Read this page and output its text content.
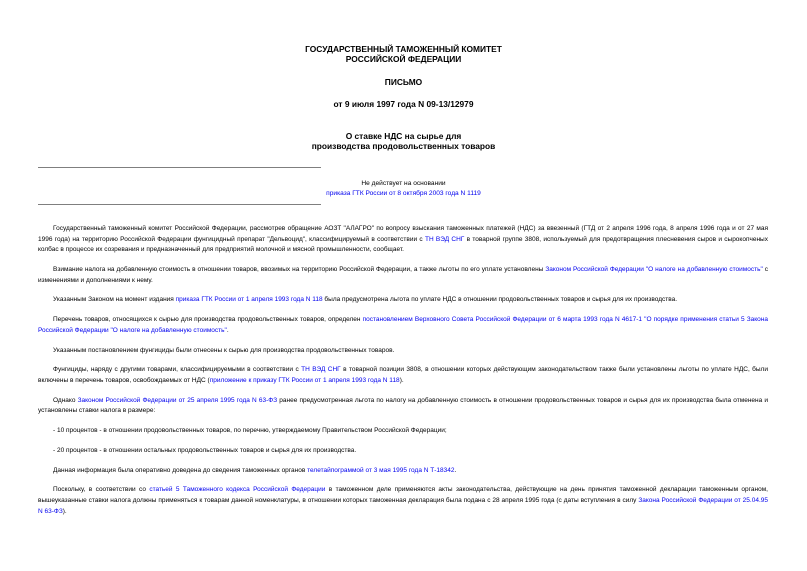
ГОСУДАРСТВЕННЫЙ ТАМОЖЕННЫЙ КОМИТЕТ
РОССИЙСКОЙ ФЕДЕРАЦИИ
ПИСЬМО
от 9 июля 1997 года N 09-13/12979
О ставке НДС на сырье для
производства продовольственных товаров
Не действует на основании
приказа ГТК России от 8 октября 2003 года N 1119

Государственный таможенный комитет Российской Федерации, рассмотрев обращение АОЗТ "АЛАГРО" по вопросу взыскания таможенных платежей (НДС) за ввезенный (ГТД от 2 апреля 1996 года, 8 апреля 1996 года и от 27 мая 1996 года) на территорию Российской Федерации фунгицидный препарат "Дельвоцид", классифицируемый в соответствии с ТН ВЭД СНГ в товарной группе 3808, используемый для предотвращения плесневения сыров и сырокопченых колбас в процессе их созревания и предназначенный для предприятий молочной и мясной промышленности, сообщает.

Взимание налога на добавленную стоимость в отношении товаров, ввозимых на территорию Российской Федерации, а также льготы по его уплате установлены Законом Российской Федерации "О налоге на добавленную стоимость" с изменениями и дополнениями к нему.

Указанным Законом на момент издания приказа ГТК России от 1 апреля 1993 года N 118 была предусмотрена льгота по уплате НДС в отношении продовольственных товаров и сырья для их производства.

Перечень товаров, относящихся к сырью для производства продовольственных товаров, определен постановлением Верховного Совета Российской Федерации от 6 марта 1993 года N 4617-1 "О порядке применения статьи 5 Закона Российской Федерации "О налоге на добавленную стоимость".

Указанным постановлением фунгициды были отнесены к сырью для производства продовольственных товаров.

Фунгициды, наряду с другими товарами, классифицируемыми в соответствии с ТН ВЭД СНГ в товарной позиции 3808, в отношении которых действующим законодательством также были установлены льготы по уплате НДС, были включены в перечень товаров, освобождаемых от НДС (приложение к приказу ГТК России от 1 апреля 1993 года N 118).

Однако Законом Российской Федерации от 25 апреля 1995 года N 63-ФЗ ранее предусмотренная льгота по налогу на добавленную стоимость в отношении продовольственных товаров и сырья для их производства была отменена и установлены ставки налога в размере:

- 10 процентов - в отношении продовольственных товаров, по перечню, утверждаемому Правительством Российской Федерации;

- 20 процентов - в отношении остальных продовольственных товаров и сырья для их производства.

Данная информация была оперативно доведена до сведения таможенных органов телетайпограммой от 3 мая 1995 года N Т-18342.

Поскольку, в соответствии со статьей 5 Таможенного кодекса Российской Федерации в таможенном деле применяются акты законодательства, действующие на день принятия таможенной декларации таможенным органом, вышеуказанные ставки налога должны применяться к товарам данной номенклатуры, в отношении которых таможенная декларация была подана с 28 апреля 1995 года (с даты вступления в силу Закона Российской Федерации от 25.04.95 N 63-ФЗ).
